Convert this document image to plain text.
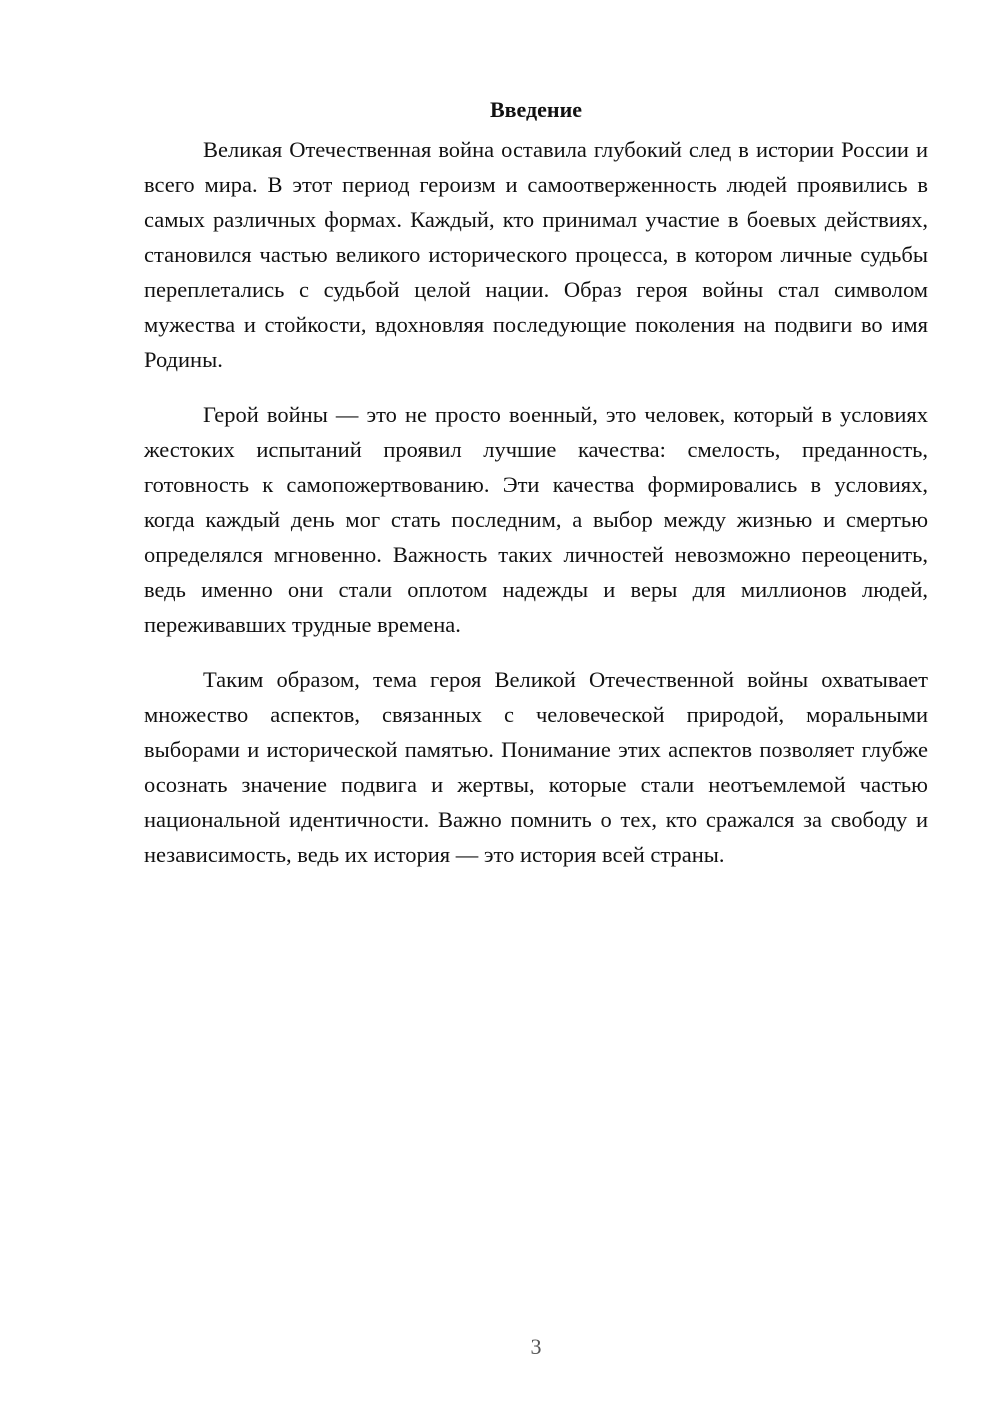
Введение

Великая Отечественная война оставила глубокий след в истории России и всего мира. В этот период героизм и самоотверженность людей проявились в самых различных формах. Каждый, кто принимал участие в боевых действиях, становился частью великого исторического процесса, в котором личные судьбы переплетались с судьбой целой нации. Образ героя войны стал символом мужества и стойкости, вдохновляя последующие поколения на подвиги во имя Родины.

Герой войны — это не просто военный, это человек, который в условиях жестоких испытаний проявил лучшие качества: смелость, преданность, готовность к самопожертвованию. Эти качества формировались в условиях, когда каждый день мог стать последним, а выбор между жизнью и смертью определялся мгновенно. Важность таких личностей невозможно переоценить, ведь именно они стали оплотом надежды и веры для миллионов людей, переживавших трудные времена.

Таким образом, тема героя Великой Отечественной войны охватывает множество аспектов, связанных с человеческой природой, моральными выборами и исторической памятью. Понимание этих аспектов позволяет глубже осознать значение подвига и жертвы, которые стали неотъемлемой частью национальной идентичности. Важно помнить о тех, кто сражался за свободу и независимость, ведь их история — это история всей страны.

3
